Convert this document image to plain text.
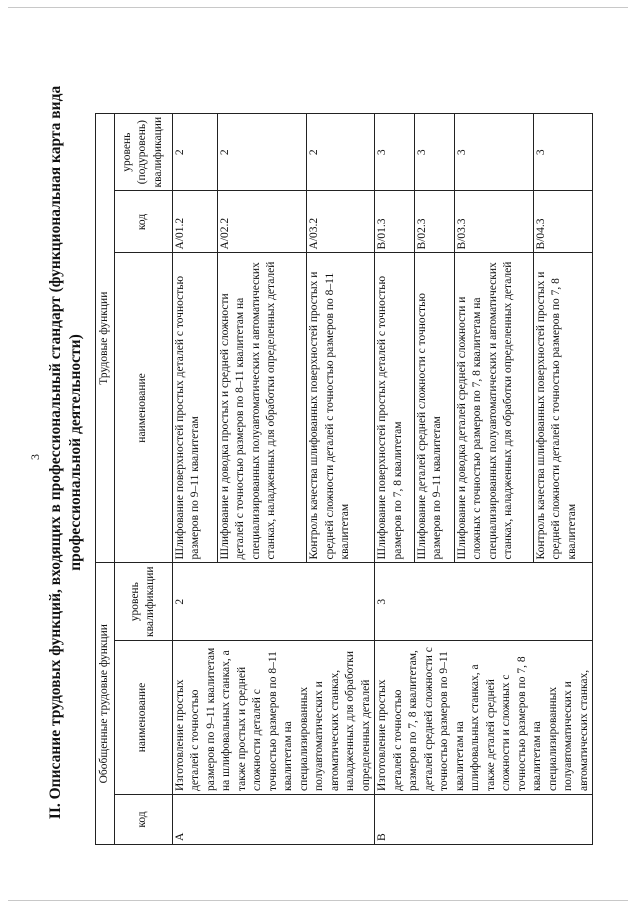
3 II. Описание трудовых функций, входящих в профессиональный стандарт (функциональная карта вида профессиональной деятельности)
Обобщенные трудовые функции			Трудовые функции		
код	наименование	уровень квалификации	наименование	код	уровень (подуровень) квалификации
А	Изготовление простых деталей с точностью размеров по 9–11 квалитетам на шлифовальных станках, а также простых и средней сложности деталей с точностью размеров по 8–11 квалитетам на специализированных полуавтоматических и автоматических станках, наладженных для обработки определенных деталей	2	Шлифование поверхностей простых деталей с точностью размеров по 9–11 квалитетам	A/01.2	2
			Шлифование и доводка простых и средней сложности деталей с точностью размеров по 8–11 квалитетам на специализированных полуавтоматических и автоматических станках, наладженных для обработки определенных деталей	A/02.2	2
			Контроль качества шлифованных поверхностей простых и средней сложности деталей с точностью размеров по 8–11 квалитетам	A/03.2	2
В	Изготовление простых деталей с точностью размеров по 7, 8 квалитетам, деталей средней сложности с точностью размеров по 9–11 квалитетам на шлифовальных станках, а также деталей средней сложности и сложных с точностью размеров по 7, 8 квалитетам на специализированных полуавтоматических и автоматических станках,	3	Шлифование поверхностей простых деталей с точностью размеров по 7, 8 квалитетам	B/01.3	3
			Шлифование деталей средней сложности с точностью размеров по 9–11 квалитетам	B/02.3	3
			Шлифование и доводка деталей средней сложности и сложных с точностью размеров по 7, 8 квалитетам на специализированных полуавтоматических и автоматических станках, наладженных для обработки определенных деталей	B/03.3	3
			Контроль качества шлифованных поверхностей простых и средней сложности деталей с точностью размеров по 7, 8 квалитетам	B/04.3	3
